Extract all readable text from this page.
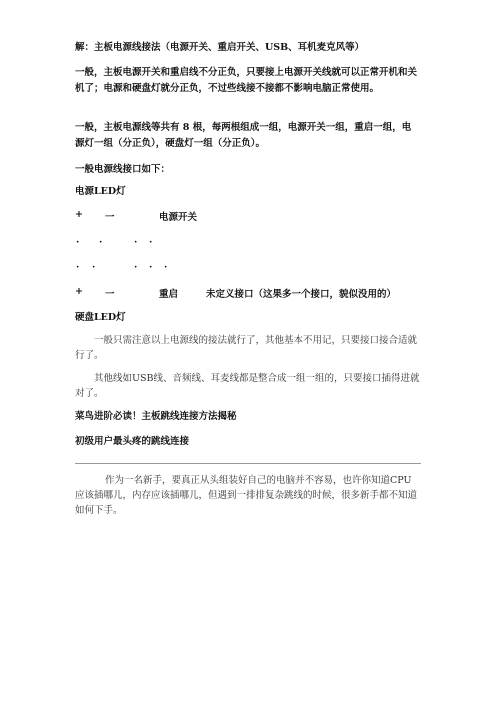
解：主板电源线接法（电源开关、重启开关、USB、耳机麦克风等）
一般，主板电源开关和重启线不分正负，只要接上电源开关线就可以正常开机和关机了；电源和硬盘灯就分正负，不过些线接不接都不影响电脑正常使用。
一般，主板电源线等共有 8 根，每两根组成一组，电源开关一组，重启一组，电源灯一组（分正负），硬盘灯一组（分正负）。
一般电源线接口如下：
电源LED灯
+ 一	电源开关
· ·	· ·
· ·	· · ·
+ 一	重启	未定义接口（这果多一个接口，貌似没用的）
硬盘LED灯
一般只需注意以上电源线的接法就行了，其他基本不用记，只要接口接合适就行了。
其他线如USB线、音频线、耳麦线都是整合成一组一组的，只要接口插得进就对了。
菜鸟进阶必读！主板跳线连接方法揭秘
初级用户最头疼的跳线连接
作为一名新手，要真正从头组装好自己的电脑并不容易，也许你知道CPU应该插哪儿，内存应该插哪儿，但遇到一排排复杂跳线的时候，很多新手都不知道如何下手。
